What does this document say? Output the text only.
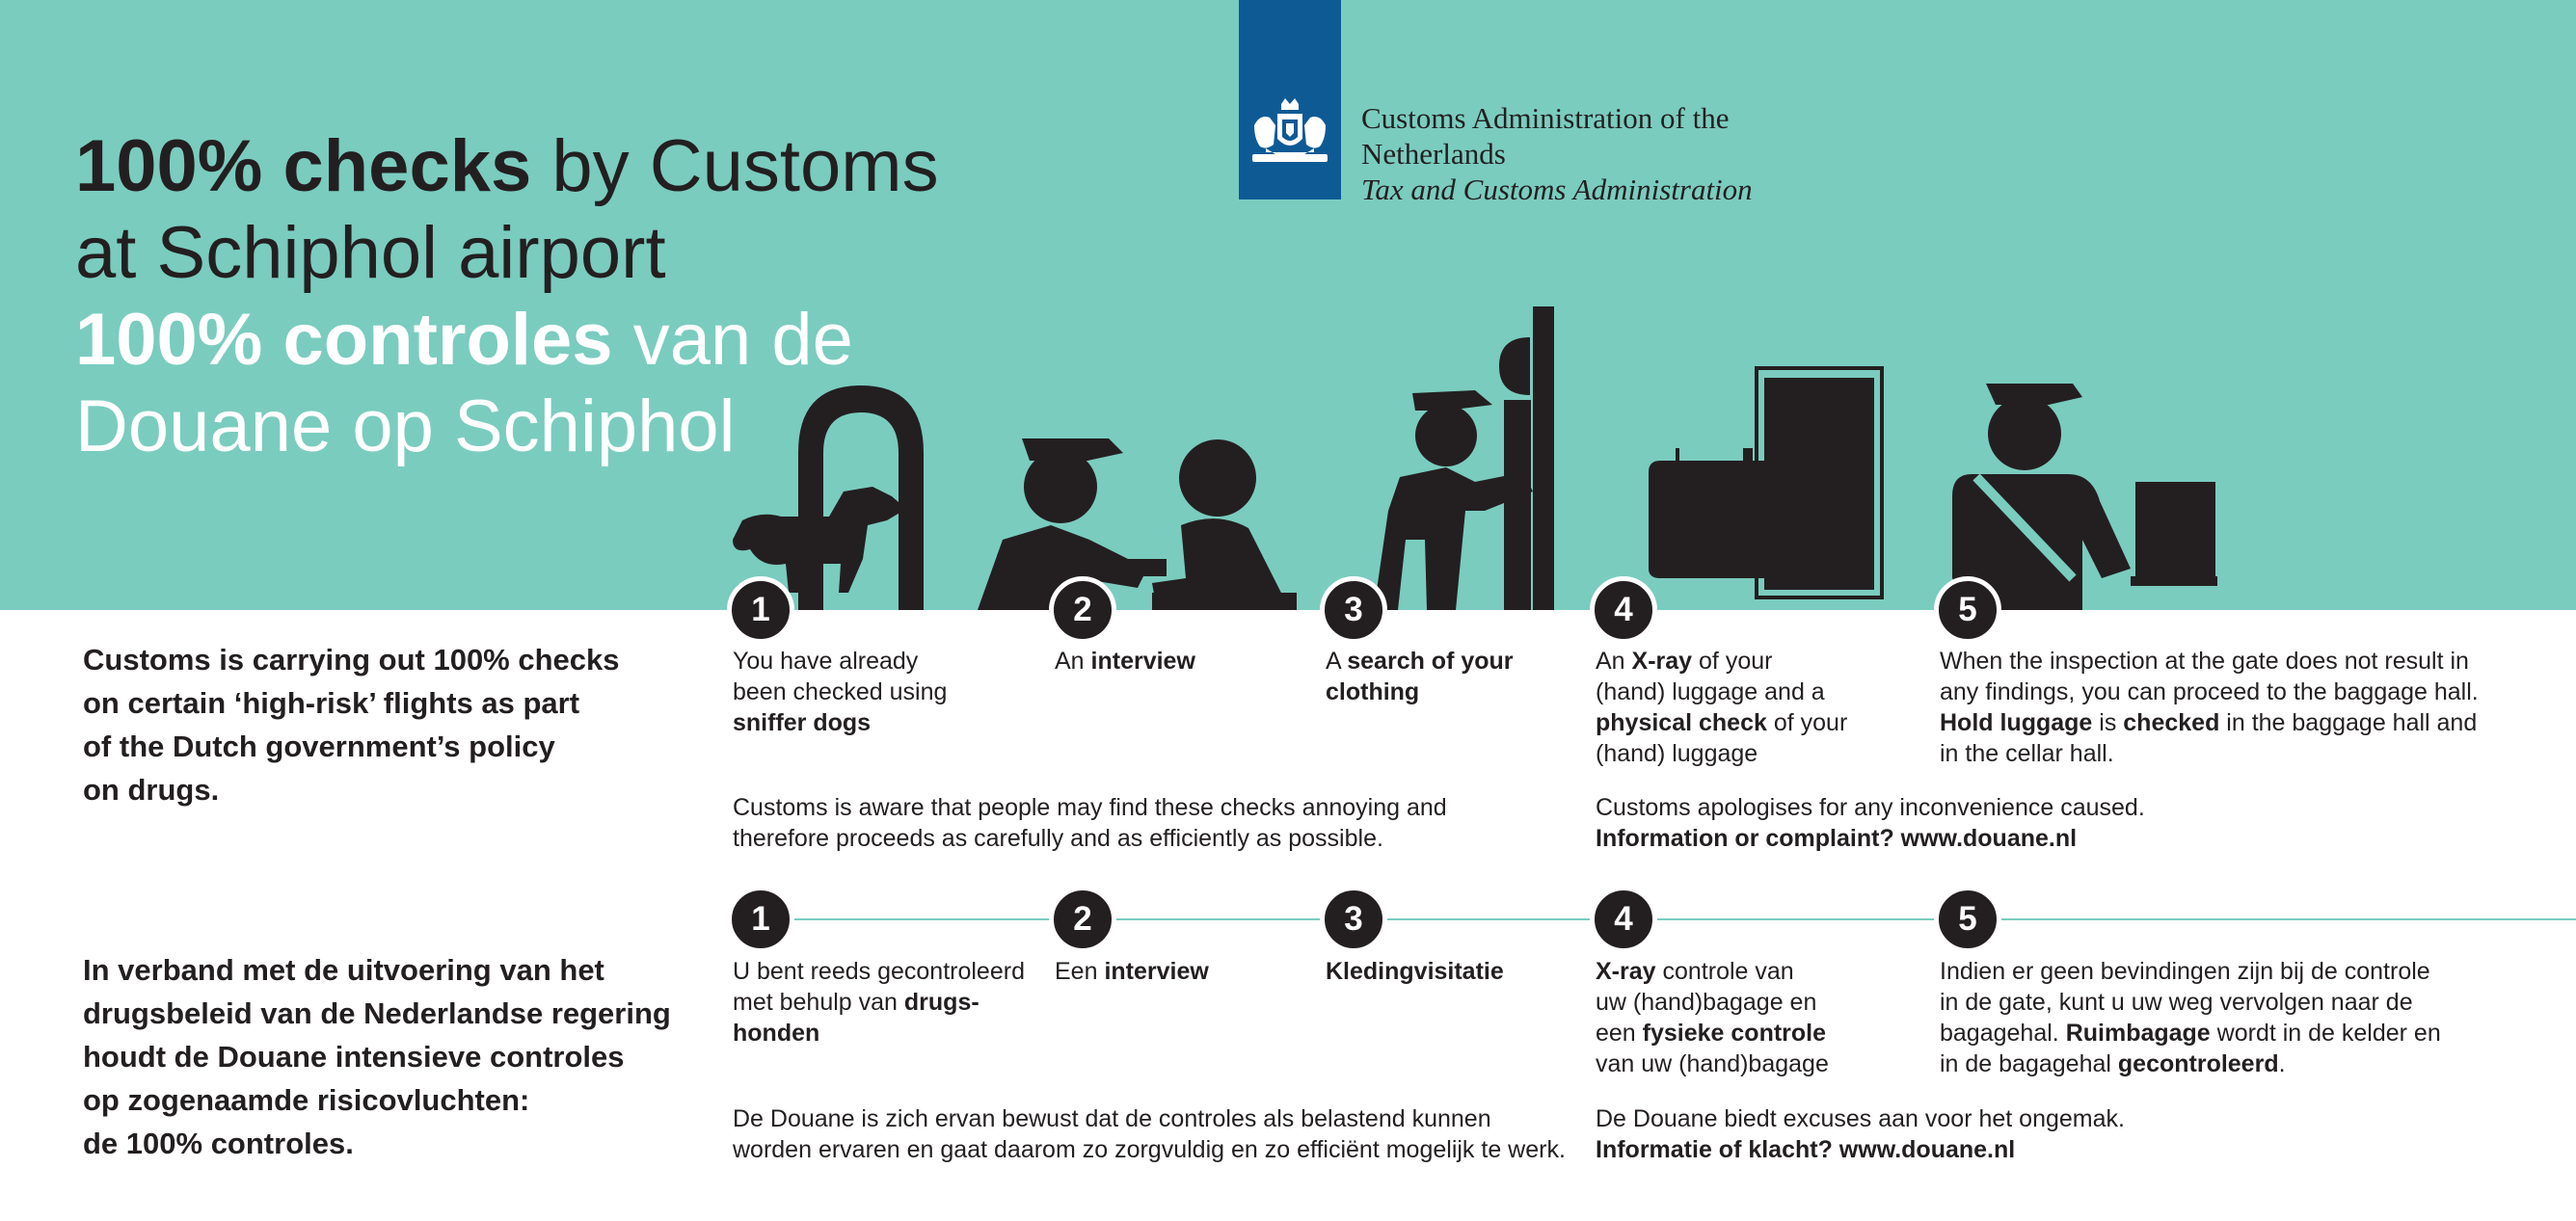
100% checks by Customs
at Schiphol airport
100% controles van de
Douane op Schiphol
Customs Administration of the
Netherlands
Tax and Customs Administration
1	2	3	4	5
Customs is carrying out 100% checks
on certain ‘high-risk’ flights as part
of the Dutch government’s policy
on drugs.
You have already
been checked using
sniffer dogs
An interview	A search of your
clothing
An X-ray of your
(hand) luggage and a
physical check of your
(hand) luggage
When the inspection at the gate does not result in
any findings, you can proceed to the baggage hall.
Hold luggage is checked in the baggage hall and
in the cellar hall.
Customs is aware that people may find these checks annoying and
therefore proceeds as carefully and as efficiently as possible.
Customs apologises for any inconvenience caused.
Information or complaint? www.douane.nl
1	2	3	4	5
In verband met de uitvoering van het
drugsbeleid van de Nederlandse regering
houdt de Douane intensieve controles
op zogenaamde risicovluchten:
de 100% controles.
U bent reeds gecontroleerd
met behulp van drugs-
honden
Een interview	Kledingvisitatie	X-ray controle van
uw (hand)bagage en
een fysieke controle
van uw (hand)bagage
Indien er geen bevindingen zijn bij de controle
in de gate, kunt u uw weg vervolgen naar de
bagagehal. Ruimbagage wordt in de kelder en
in de bagagehal gecontroleerd.
De Douane is zich ervan bewust dat de controles als belastend kunnen
worden ervaren en gaat daarom zo zorgvuldig en zo efficiënt mogelijk te werk.
De Douane biedt excuses aan voor het ongemak.
Informatie of klacht? www.douane.nl
